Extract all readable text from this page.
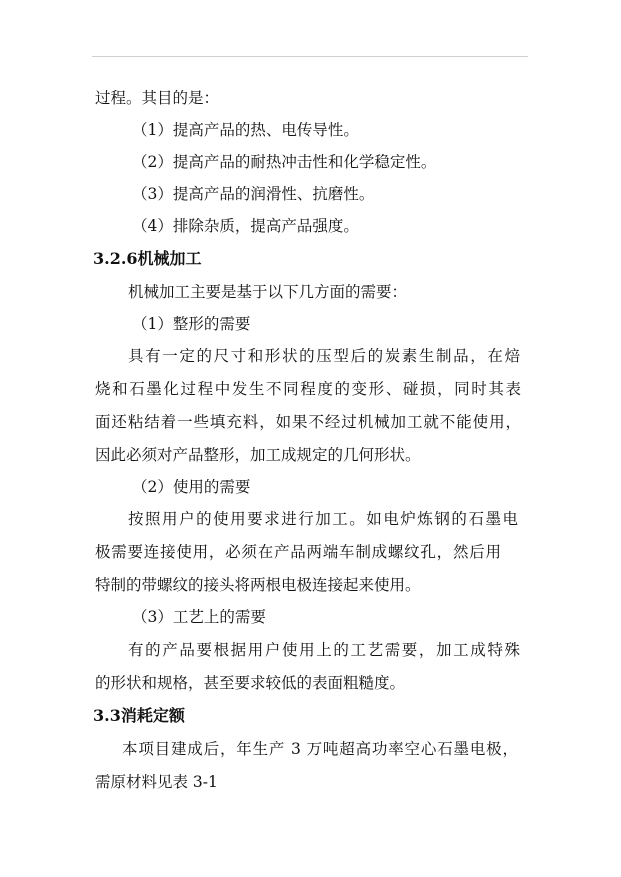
过程。其目的是：
（1）提高产品的热、电传导性。
（2）提高产品的耐热冲击性和化学稳定性。
（3）提高产品的润滑性、抗磨性。
（4）排除杂质，提高产品强度。
3.2.6机械加工
机械加工主要是基于以下几方面的需要：
（1）整形的需要
具有一定的尺寸和形状的压型后的炭素生制品，在焙
烧和石墨化过程中发生不同程度的变形、碰损，同时其表
面还粘结着一些填充料，如果不经过机械加工就不能使用，
因此必须对产品整形，加工成规定的几何形状。
（2）使用的需要
按照用户的使用要求进行加工。如电炉炼钢的石墨电
极需要连接使用，必须在产品两端车制成螺纹孔，然后用
特制的带螺纹的接头将两根电极连接起来使用。
（3）工艺上的需要
有的产品要根据用户使用上的工艺需要，加工成特殊
的形状和规格，甚至要求较低的表面粗糙度。
3.3消耗定额
本项目建成后，年生产 3 万吨超高功率空心石墨电极，
需原材料见表 3-1
